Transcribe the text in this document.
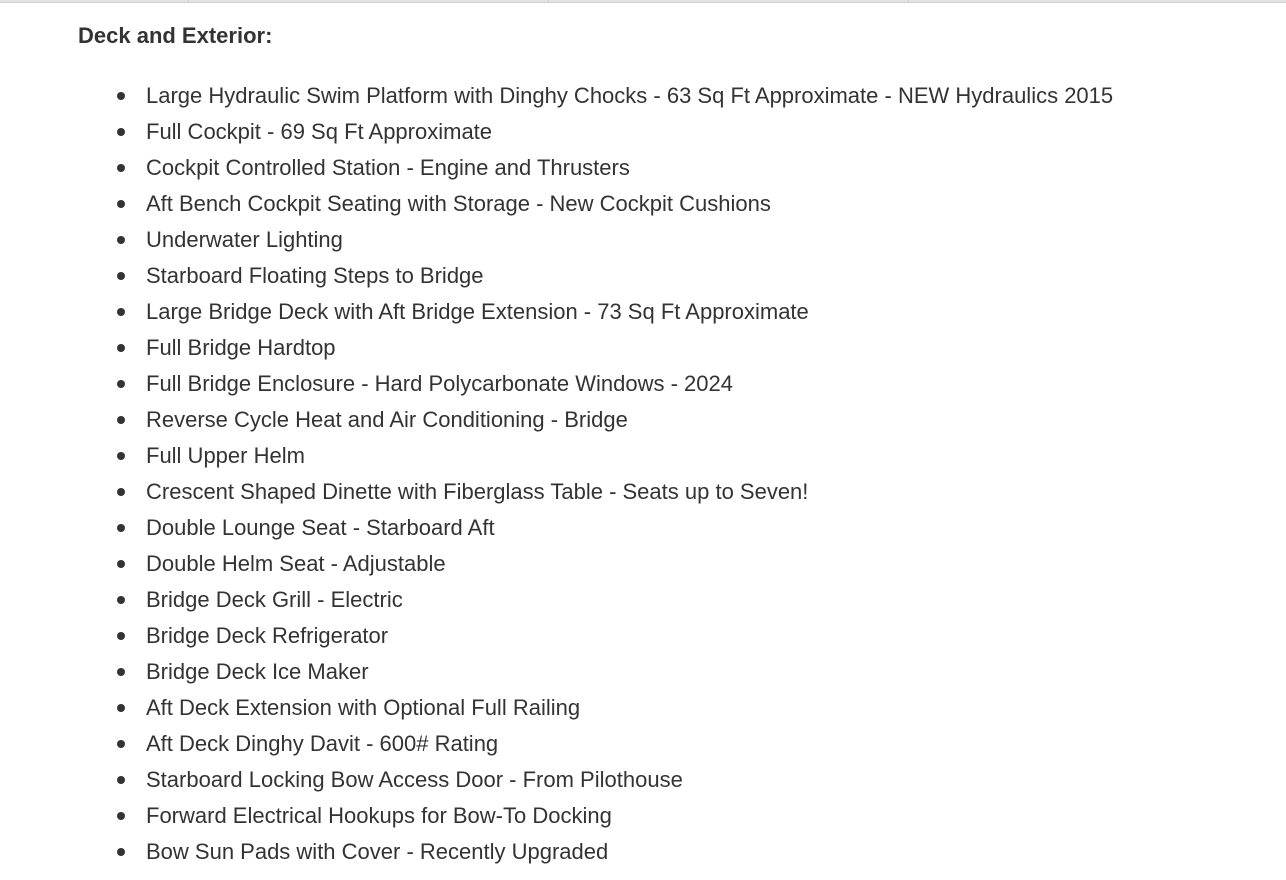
Deck and Exterior:
Large Hydraulic Swim Platform with Dinghy Chocks - 63 Sq Ft Approximate - NEW Hydraulics 2015
Full Cockpit - 69 Sq Ft Approximate
Cockpit Controlled Station - Engine and Thrusters
Aft Bench Cockpit Seating with Storage - New Cockpit Cushions
Underwater Lighting
Starboard Floating Steps to Bridge
Large Bridge Deck with Aft Bridge Extension - 73 Sq Ft Approximate
Full Bridge Hardtop
Full Bridge Enclosure - Hard Polycarbonate Windows - 2024
Reverse Cycle Heat and Air Conditioning - Bridge
Full Upper Helm
Crescent Shaped Dinette with Fiberglass Table - Seats up to Seven!
Double Lounge Seat - Starboard Aft
Double Helm Seat - Adjustable
Bridge Deck Grill - Electric
Bridge Deck Refrigerator
Bridge Deck Ice Maker
Aft Deck Extension with Optional Full Railing
Aft Deck Dinghy Davit - 600# Rating
Starboard Locking Bow Access Door - From Pilothouse
Forward Electrical Hookups for Bow-To Docking
Bow Sun Pads with Cover - Recently Upgraded
